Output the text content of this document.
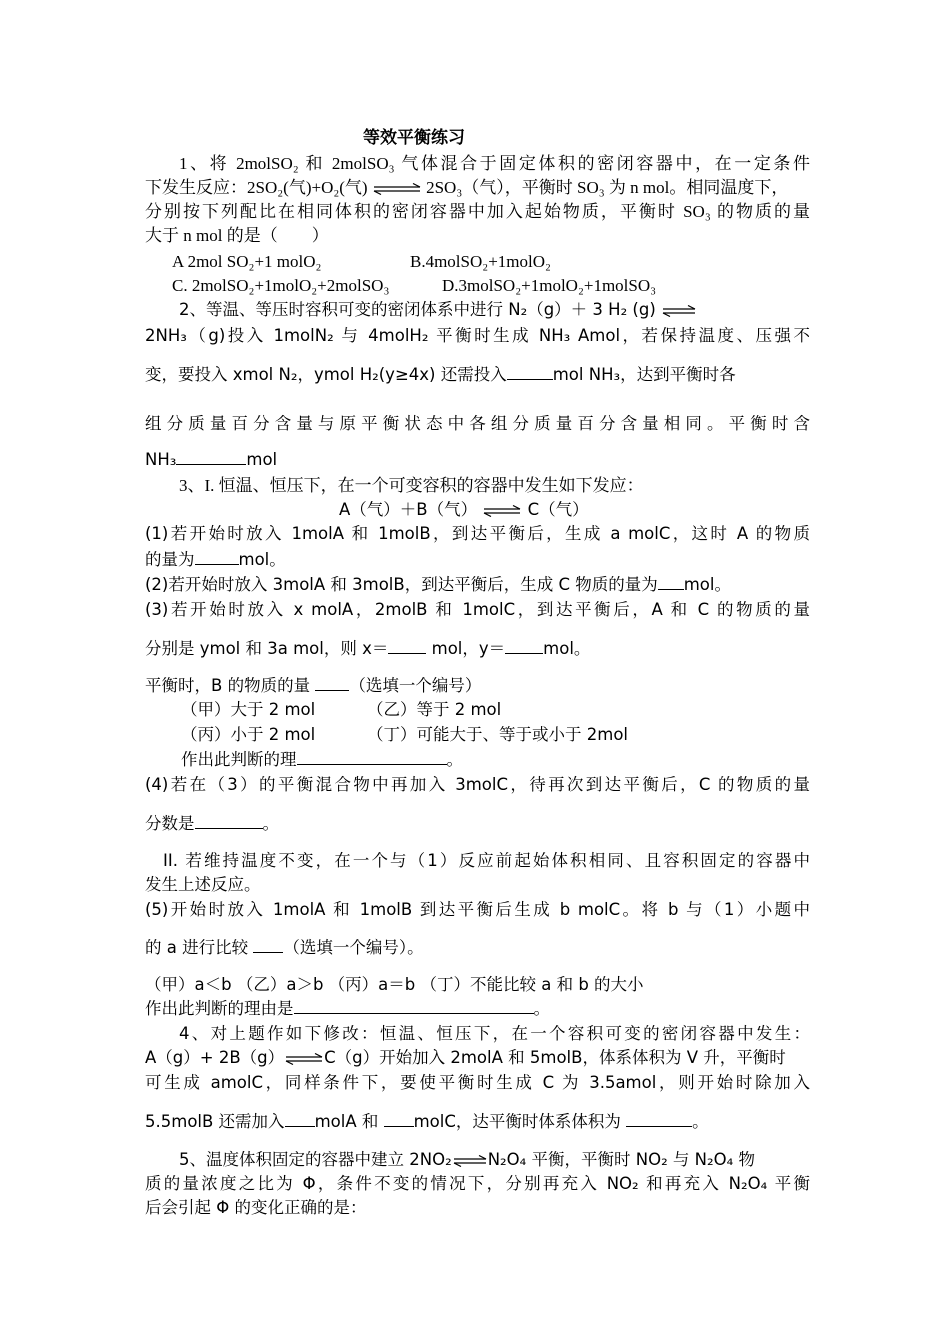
等效平衡练习
1、将 2molSO₂ 和 2molSO₃ 气体混合于固定体积的密闭容器中，在一定条件
下发生反应：2SO₂(气)+O₂(气) ⇌ 2SO₃（气），平衡时 SO₃ 为 n mol。相同温度下，
分别按下列配比在相同体积的密闭容器中加入起始物质，平衡时 SO₃ 的物质的量
大于 n mol 的是（　　）
A 2mol SO₂+1 molO₂	B.4molSO₂+1molO₂
C. 2molSO₂+1molO₂+2molSO₃	D.3molSO₂+1molO₂+1molSO₃
2、等温、等压时容积可变的密闭体系中进行 N₂（g）＋ 3 H₂ (g) ⇌
2NH₃（g)投入 1molN₂ 与 4molH₂ 平衡时生成 NH₃ Amol，若保持温度、压强不
变，要投入 xmol N₂，ymol H₂(y≥4x) 还需投入	mol NH₃，达到平衡时各
组分质量百分含量与原平衡状态中各组分质量百分含量相同。平衡时含
NH₃	mol
3、I. 恒温、恒压下，在一个可变容积的容器中发生如下发应：
A（气）＋B（气） ⇌ C（气）
(1)若开始时放入 1molA 和 1molB，到达平衡后，生成 a molC，这时 A 的物质
的量为	mol。
(2)若开始时放入 3molA 和 3molB，到达平衡后，生成 C 物质的量为 mol。
(3)若开始时放入 x molA，2molB 和 1molC，到达平衡后，A 和 C 的物质的量
分别是 ymol 和 3a mol，则 x＝	mol，y＝ mol。
平衡时，B 的物质的量 （选填一个编号）
（甲）大于 2 mol	（乙）等于 2 mol
（丙）小于 2 mol	（丁）可能大于、等于或小于 2mol
作出此判断的理	。
(4)若在（3）的平衡混合物中再加入 3molC，待再次到达平衡后，C 的物质的量
分数是	。
II. 若维持温度不变，在一个与（1）反应前起始体积相同、且容积固定的容器中
发生上述反应。
(5)开始时放入 1molA 和 1molB 到达平衡后生成 b molC。将 b 与（1）小题中
的 a 进行比较 （选填一个编号）。
（甲）a＜b （乙）a＞b （丙）a＝b （丁）不能比较 a 和 b 的大小
作出此判断的理由是	。
4、对上题作如下修改：恒温、恒压下，在一个容积可变的密闭容器中发生：
A（g）+ 2B（g）⇌C（g）开始加入 2molA 和 5molB，体系体积为 V 升，平衡时
可生成 amolC，同样条件下，要使平衡时生成 C 为 3.5amol，则开始时除加入
5.5molB 还需加入 molA 和 molC，达平衡时体系体积为	。
5、温度体积固定的容器中建立 2NO₂⇌N₂O₄ 平衡，平衡时 NO₂ 与 N₂O₄ 物
质的量浓度之比为 Φ，条件不变的情况下，分别再充入 NO₂ 和再充入 N₂O₄ 平衡
后会引起 Φ 的变化正确的是：
